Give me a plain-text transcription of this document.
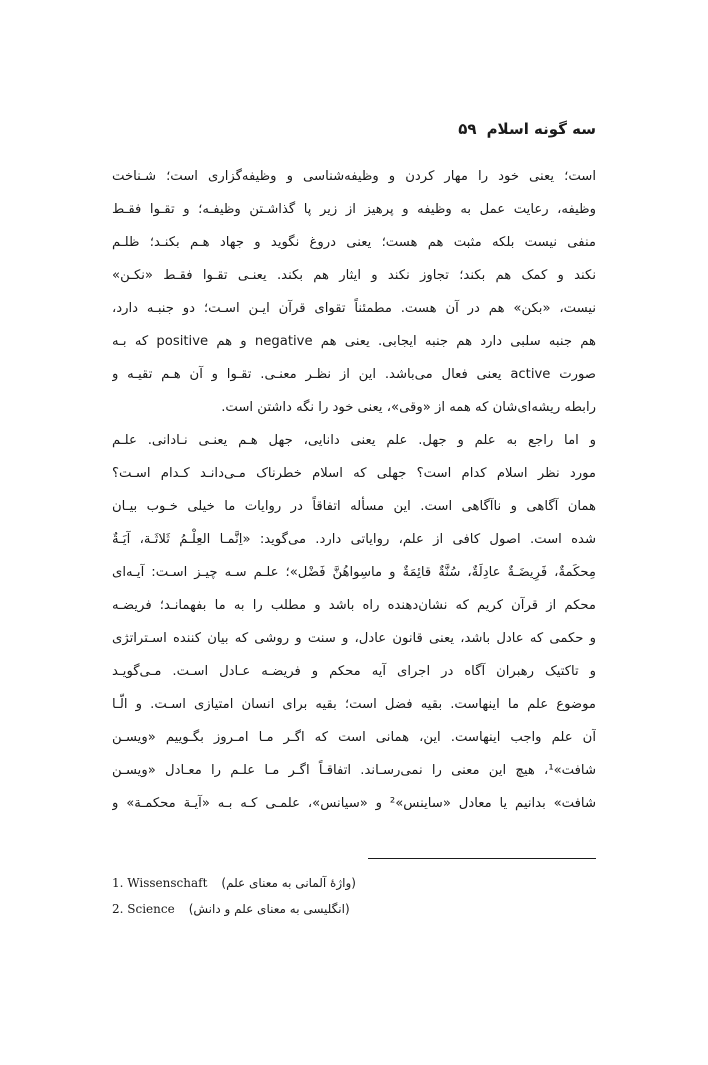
سه گونه اسلام۵۹
است؛ یعنی خود را مهار کردن و وظیفه‌شناسی و وظیفه‌گزاری است؛ شـناخت
وظیفه، رعایت عمل به وظیفه و پرهیز از زیر پا گذاشـتن وظیفـه؛ و تقـوا فقـط
منفی نیست بلکه مثبت هم هست؛ یعنی دروغ نگوید و جهاد هـم بکنـد؛ ظلـم
نکند و کمک هم بکند؛ تجاوز نکند و ایثار هم بکند. یعنـی تقـوا فقـط «نکـن»
نیست، «بکن» هم در آن هست. مطمئناً تقوای قرآن ایـن اسـت؛ دو جنبـه دارد،
هم جنبه سلبی دارد هم جنبه ایجابی. یعنی هم negative و هم positive که بـه
صورت active یعنی فعال می‌باشد. این از نظـر معنـی. تقـوا و آن هـم تقیـه و
رابطه ریشه‌ای‌شان که همه از «وقی»، یعنی خود را نگه داشتن است.
و اما راجع به علم و جهل. علم یعنی دانایی، جهل هـم یعنـی نـادانی. علـم
مورد نظر اسلام کدام است؟ جهلی که اسلام خطرناک مـی‌دانـد کـدام اسـت؟
همان آگاهی و ناآگاهی است. این مسأله اتفاقاً در روایات ما خیلی خـوب بیـان
شده است. اصول کافی از علم، روایاتی دارد. می‌گوید: «اِنَّمـا العِلْـمُ ثَلاثَـة، آیَـةٌ
مِحكَمةٌ، فَرِيضَـةٌ عادِلَةٌ، سُنَّةٌ قائِمَةٌ و ماسِواهُنَّ فَضْل»؛ علـم سـه چیـز اسـت: آیـه‌ای
محکم از قرآن کریم که نشان‌دهنده راه باشد و مطلب را به ما بفهمانـد؛ فریضـه
و حکمی که عادل باشد، یعنی قانون عادل، و سنت و روشی که بیان کننده اسـتراتژی
و تاکتیک رهبران آگاه در اجرای آیه محکم و فریضـه عـادل اسـت. مـی‌گویـد
موضوع علم ما اینهاست. بقیه فضل است؛ بقیه برای انسان امتیازی اسـت. و الّـا
آن علم واجب اینهاست. این، همانی است که اگـر مـا امـروز بگـوییم «ویسـن
شافت»¹، هیچ این معنی را نمی‌رسـاند. اتفاقـاً اگـر مـا علـم را معـادل «ویسـن
شافت» بدانیم یا معادل «ساینس»² و «سیانس»، علمـی کـه بـه «آیـة محکمـة» و
1. Wissenschaft (واژهٔ آلمانی به معنای علم)
2. Science (انگلیسی به معنای علم و دانش)
